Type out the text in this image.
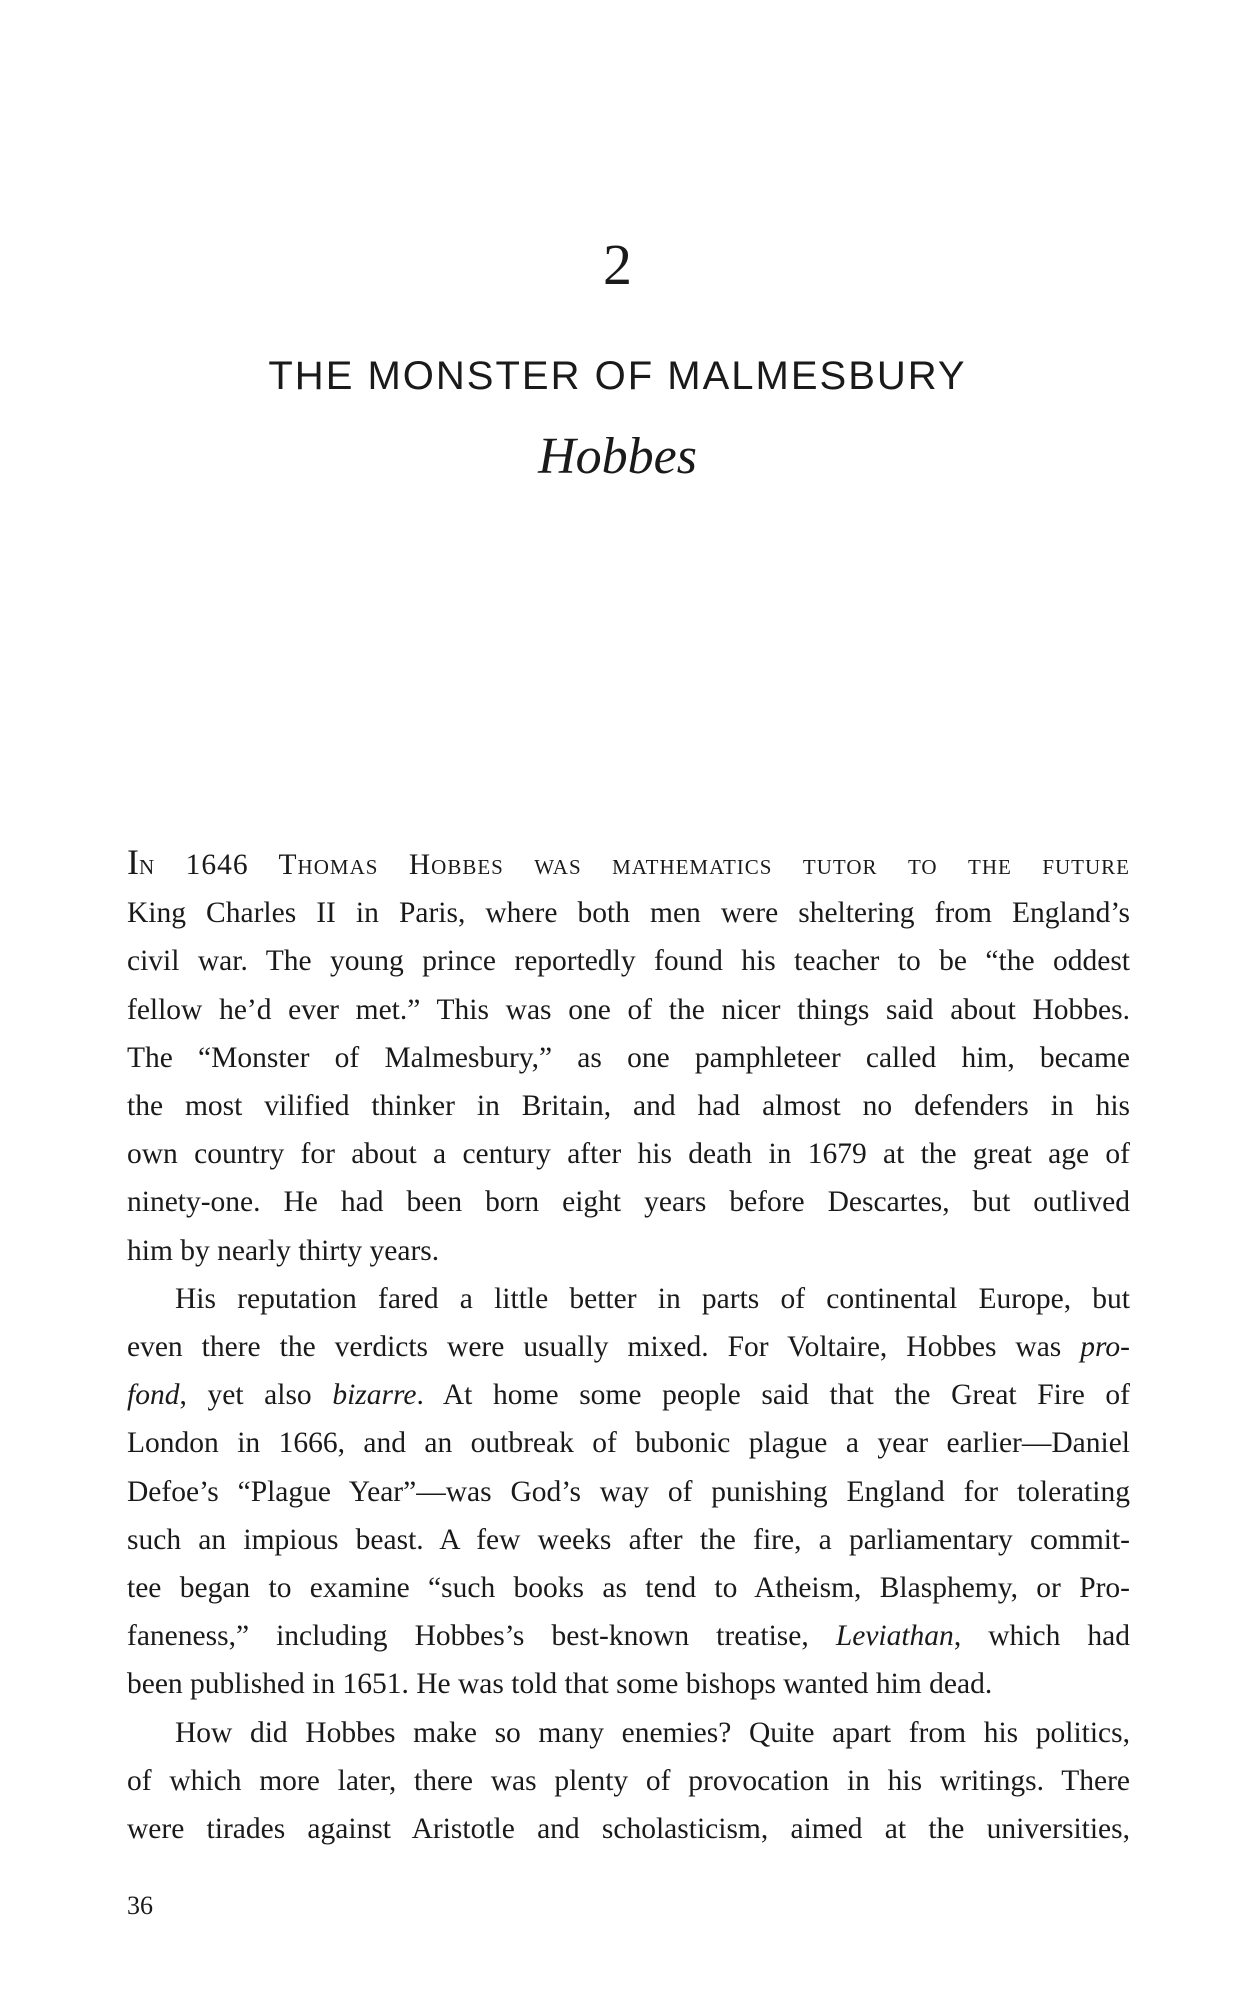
2
THE MONSTER OF MALMESBURY
Hobbes

In 1646 Thomas Hobbes was mathematics tutor to the future
King Charles II in Paris, where both men were sheltering from England’s
civil war. The young prince reportedly found his teacher to be “the oddest
fellow he’d ever met.” This was one of the nicer things said about Hobbes.
The “Monster of Malmesbury,” as one pamphleteer called him, became
the most vilified thinker in Britain, and had almost no defenders in his
own country for about a century after his death in 1679 at the great age of
ninety-one. He had been born eight years before Descartes, but outlived
him by nearly thirty years.

His reputation fared a little better in parts of continental Europe, but
even there the verdicts were usually mixed. For Voltaire, Hobbes was pro-
fond, yet also bizarre. At home some people said that the Great Fire of
London in 1666, and an outbreak of bubonic plague a year earlier—Daniel
Defoe’s “Plague Year”—was God’s way of punishing England for tolerating
such an impious beast. A few weeks after the fire, a parliamentary commit-
tee began to examine “such books as tend to Atheism, Blasphemy, or Pro-
faneness,” including Hobbes’s best-known treatise, Leviathan, which had
been published in 1651. He was told that some bishops wanted him dead.

How did Hobbes make so many enemies? Quite apart from his politics,
of which more later, there was plenty of provocation in his writings. There
were tirades against Aristotle and scholasticism, aimed at the universities,

36
